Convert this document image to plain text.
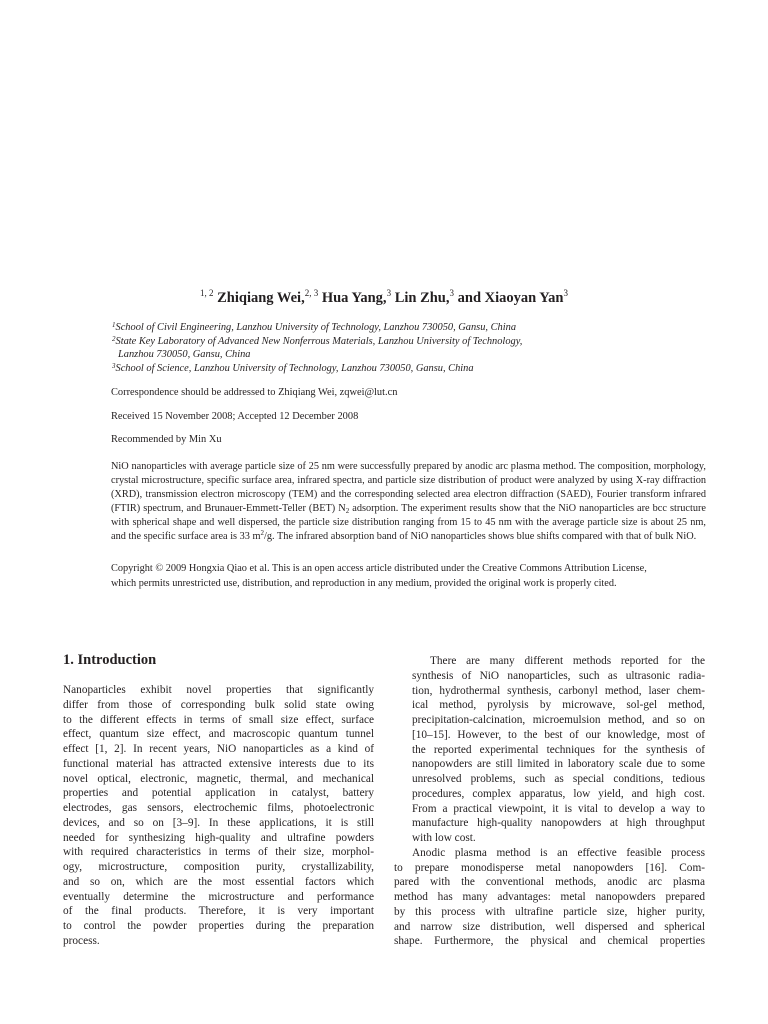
$^{1, 2}$ Zhiqiang Wei,$^{2, 3}$ Hua Yang,$^3$ Lin Zhu,$^3$ and Xiaoyan Yan$^3$
$^1$School of Civil Engineering, Lanzhou University of Technology, Lanzhou 730050, Gansu, China
$^2$State Key Laboratory of Advanced New Nonferrous Materials, Lanzhou University of Technology,
Lanzhou 730050, Gansu, China
$^3$School of Science, Lanzhou University of Technology, Lanzhou 730050, Gansu, China
Correspondence should be addressed to Zhiqiang Wei, zqwei@lut.cn
Received 15 November 2008; Accepted 12 December 2008
Recommended by Min Xu
NiO nanoparticles with average particle size of 25 nm were successfully prepared by anodic arc plasma method. The composition, morphology, crystal microstructure, specific surface area, infrared spectra, and particle size distribution of product were analyzed by using X-ray diffraction (XRD), transmission electron microscopy (TEM) and the corresponding selected area electron diffraction (SAED), Fourier transform infrared (FTIR) spectrum, and Brunauer-Emmett-Teller (BET) $N_2$ adsorption. The experiment results show that the NiO nanoparticles are bcc structure with spherical shape and well dispersed, the particle size distribution ranging from 15 to 45 nm with the average particle size is about 25 nm, and the specific surface area is 33 $m^2/g$. The infrared absorption band of NiO nanoparticles shows blue shifts compared with that of bulk NiO.
Copyright © 2009 Hongxia Qiao et al. This is an open access article distributed under the Creative Commons Attribution License,
which permits unrestricted use, distribution, and reproduction in any medium, provided the original work is properly cited.
1. Introduction

Nanoparticles exhibit novel properties that significantly
differ from those of corresponding bulk solid state owing
to the different effects in terms of small size effect, surface
effect, quantum size effect, and macroscopic quantum tunnel
effect [1, 2]. In recent years, NiO nanoparticles as a kind of
functional material has attracted extensive interests due to its
novel optical, electronic, magnetic, thermal, and mechanical
properties and potential application in catalyst, battery
electrodes, gas sensors, electrochemic films, photoelectronic
devices, and so on [3–9]. In these applications, it is still
needed for synthesizing high-quality and ultrafine powders
with required characteristics in terms of their size, morphol-
ogy, microstructure, composition purity, crystallizability,
and so on, which are the most essential factors which
eventually determine the microstructure and performance
of the final products. Therefore, it is very important
to control the powder properties during the preparation
process.

There are many different methods reported for the
synthesis of NiO nanoparticles, such as ultrasonic radia-
tion, hydrothermal synthesis, carbonyl method, laser chem-
ical method, pyrolysis by microwave, sol-gel method,
precipitation-calcination, microemulsion method, and so on
[10–15]. However, to the best of our knowledge, most of
the reported experimental techniques for the synthesis of
nanopowders are still limited in laboratory scale due to some
unresolved problems, such as special conditions, tedious
procedures, complex apparatus, low yield, and high cost.
From a practical viewpoint, it is vital to develop a way to
manufacture high-quality nanopowders at high throughput
with low cost.

Anodic plasma method is an effective feasible process
to prepare monodisperse metal nanopowders [16]. Com-
pared with the conventional methods, anodic arc plasma
method has many advantages: metal nanopowders prepared
by this process with ultrafine particle size, higher purity,
and narrow size distribution, well dispersed and spherical
shape. Furthermore, the physical and chemical properties
